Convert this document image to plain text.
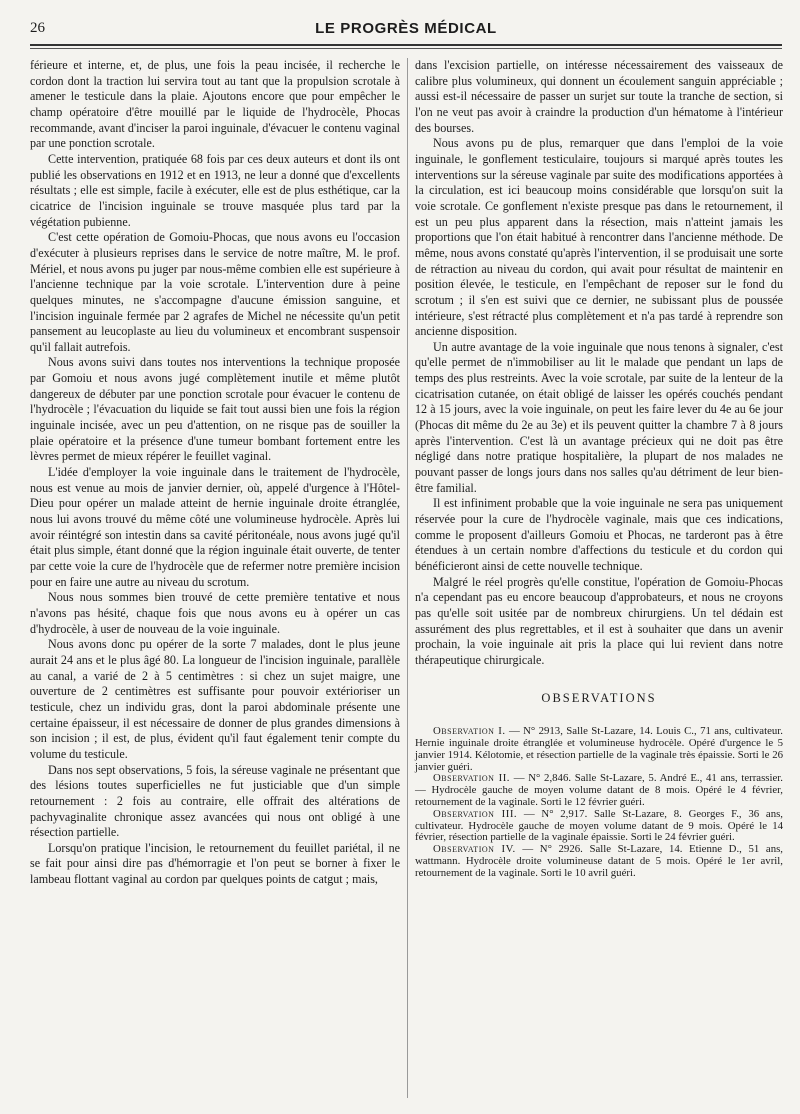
26	LE PROGRÈS MÉDICAL

férieure et interne, et, de plus, une fois la peau incisée, il recherche le cordon dont la traction lui servira tout au tant que la propulsion scrotale à amener le testicule dans la plaie. Ajoutons encore que pour empêcher le champ opératoire d'être mouillé par le liquide de l'hydrocèle, Phocas recommande, avant d'inciser la paroi inguinale, d'évacuer le contenu vaginal par une ponction scrotale.

Cette intervention, pratiquée 68 fois par ces deux auteurs et dont ils ont publié les observations en 1912 et en 1913, ne leur a donné que d'excellents résultats ; elle est simple, facile à exécuter, elle est de plus esthétique, car la cicatrice de l'incision inguinale se trouve masquée plus tard par la végétation pubienne.

C'est cette opération de Gomoiu-Phocas, que nous avons eu l'occasion d'exécuter à plusieurs reprises dans le service de notre maître, M. le prof. Mériel, et nous avons pu juger par nous-même combien elle est supérieure à l'ancienne technique par la voie scrotale. L'intervention dure à peine quelques minutes, ne s'accompagne d'aucune émission sanguine, et l'incision inguinale fermée par 2 agrafes de Michel ne nécessite qu'un petit pansement au leucoplaste au lieu du volumineux et encombrant suspensoir qu'il fallait autrefois.

Nous avons suivi dans toutes nos interventions la technique proposée par Gomoiu et nous avons jugé complètement inutile et même plutôt dangereux de débuter par une ponction scrotale pour évacuer le contenu de l'hydrocèle ; l'évacuation du liquide se fait tout aussi bien une fois la région inguinale incisée, avec un peu d'attention, on ne risque pas de souiller la plaie opératoire et la présence d'une tumeur bombant fortement entre les lèvres permet de mieux répérer le feuillet vaginal.

L'idée d'employer la voie inguinale dans le traitement de l'hydrocèle, nous est venue au mois de janvier dernier, où, appelé d'urgence à l'Hôtel-Dieu pour opérer un malade atteint de hernie inguinale droite étranglée, nous lui avons trouvé du même côté une volumineuse hydrocèle. Après lui avoir réintégré son intestin dans sa cavité péritonéale, nous avons jugé qu'il était plus simple, étant donné que la région inguinale était ouverte, de tenter par cette voie la cure de l'hydrocèle que de refermer notre première incision pour en faire une autre au niveau du scrotum.

Nous nous sommes bien trouvé de cette première tentative et nous n'avons pas hésité, chaque fois que nous avons eu à opérer un cas d'hydrocèle, à user de nouveau de la voie inguinale.

Nous avons donc pu opérer de la sorte 7 malades, dont le plus jeune aurait 24 ans et le plus âgé 80. La longueur de l'incision inguinale, parallèle au canal, a varié de 2 à 5 centimètres : si chez un sujet maigre, une ouverture de 2 centimètres est suffisante pour pouvoir extérioriser un testicule, chez un individu gras, dont la paroi abdominale présente une certaine épaisseur, il est nécessaire de donner de plus grandes dimensions à son incision ; il est, de plus, évident qu'il faut également tenir compte du volume du testicule.

Dans nos sept observations, 5 fois, la séreuse vaginale ne présentant que des lésions toutes superficielles ne fut justiciable que d'un simple retournement : 2 fois au contraire, elle offrait des altérations de pachyvaginalite chronique assez avancées qui nous ont obligé à une résection partielle.

Lorsqu'on pratique l'incision, le retournement du feuillet pariétal, il ne se fait pour ainsi dire pas d'hémorragie et l'on peut se borner à fixer le lambeau flottant vaginal au cordon par quelques points de catgut ; mais,

dans l'excision partielle, on intéresse nécessairement des vaisseaux de calibre plus volumineux, qui donnent un écoulement sanguin appréciable ; aussi est-il nécessaire de passer un surjet sur toute la tranche de section, si l'on ne veut pas avoir à craindre la production d'un hématome à l'intérieur des bourses.

Nous avons pu de plus, remarquer que dans l'emploi de la voie inguinale, le gonflement testiculaire, toujours si marqué après toutes les interventions sur la séreuse vaginale par suite des modifications apportées à la circulation, est ici beaucoup moins considérable que lorsqu'on suit la voie scrotale. Ce gonflement n'existe presque pas dans le retournement, il est un peu plus apparent dans la résection, mais n'atteint jamais les proportions que l'on était habitué à rencontrer dans l'ancienne méthode. De même, nous avons constaté qu'après l'intervention, il se produisait une sorte de rétraction au niveau du cordon, qui avait pour résultat de maintenir en position élevée, le testicule, en l'empêchant de reposer sur le fond du scrotum ; il s'en est suivi que ce dernier, ne subissant plus de poussée intérieure, s'est rétracté plus complètement et n'a pas tardé à reprendre son ancienne disposition.

Un autre avantage de la voie inguinale que nous tenons à signaler, c'est qu'elle permet de n'immobiliser au lit le malade que pendant un laps de temps des plus restreints. Avec la voie scrotale, par suite de la lenteur de la cicatrisation cutanée, on était obligé de laisser les opérés couchés pendant 12 à 15 jours, avec la voie inguinale, on peut les faire lever du 4e au 6e jour (Phocas dit même du 2e au 3e) et ils peuvent quitter la chambre 7 à 8 jours après l'intervention. C'est là un avantage précieux qui ne doit pas être négligé dans notre pratique hospitalière, la plupart de nos malades ne pouvant passer de longs jours dans nos salles qu'au détriment de leur bien-être familial.

Il est infiniment probable que la voie inguinale ne sera pas uniquement réservée pour la cure de l'hydrocèle vaginale, mais que ces indications, comme le proposent d'ailleurs Gomoiu et Phocas, ne tarderont pas à être étendues à un certain nombre d'affections du testicule et du cordon qui bénéficieront ainsi de cette nouvelle technique.

Malgré le réel progrès qu'elle constitue, l'opération de Gomoiu-Phocas n'a cependant pas eu encore beaucoup d'approbateurs, et nous ne croyons pas qu'elle soit usitée par de nombreux chirurgiens. Un tel dédain est assurément des plus regrettables, et il est à souhaiter que dans un avenir prochain, la voie inguinale ait pris la place qui lui revient dans notre thérapeutique chirurgicale.

OBSERVATIONS

Observation I. — N° 2913, Salle St-Lazare, 14. Louis C., 71 ans, cultivateur. Hernie inguinale droite étranglée et volumineuse hydrocèle. Opéré d'urgence le 5 janvier 1914. Kélotomie, et résection partielle de la vaginale très épaissie. Sorti le 26 janvier guéri.

Observation II. — N° 2,846. Salle St-Lazare, 5. André E., 41 ans, terrassier. — Hydrocèle gauche de moyen volume datant de 8 mois. Opéré le 4 février, retournement de la vaginale. Sorti le 12 février guéri.

Observation III. — N° 2,917. Salle St-Lazare, 8. Georges F., 36 ans, cultivateur. Hydrocèle gauche de moyen volume datant de 9 mois. Opéré le 14 février, résection partielle de la vaginale épaissie. Sorti le 24 février guéri.

Observation IV. — N° 2926. Salle St-Lazare, 14. Etienne D., 51 ans, wattmann. Hydrocèle droite volumineuse datant de 5 mois. Opéré le 1er avril, retournement de la vaginale. Sorti le 10 avril guéri.
